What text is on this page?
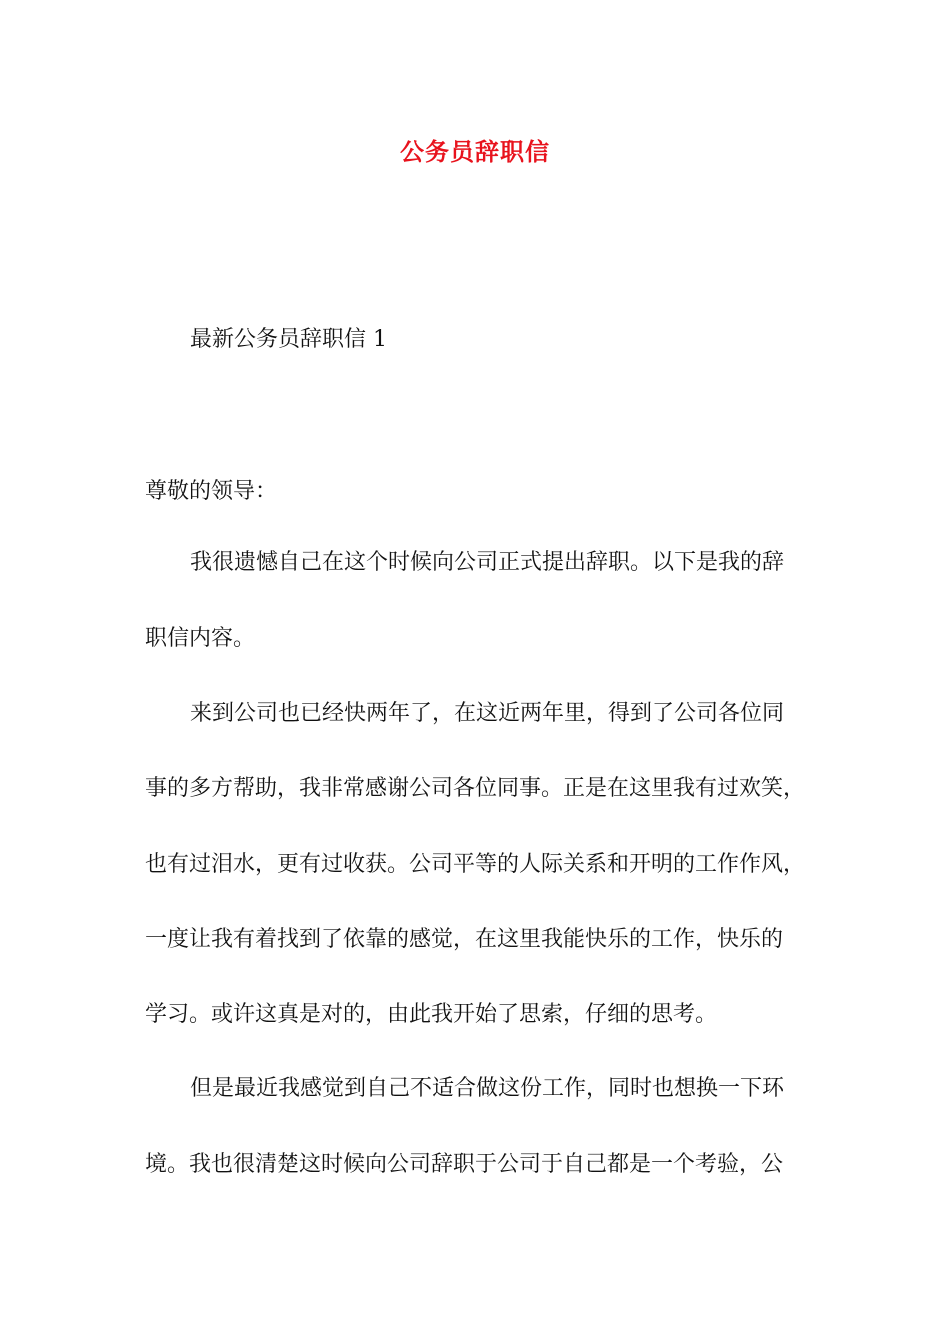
公务员辞职信
最新公务员辞职信 1
尊敬的领导：
我很遗憾自己在这个时候向公司正式提出辞职。以下是我的辞
职信内容。
来到公司也已经快两年了，在这近两年里，得到了公司各位同
事的多方帮助，我非常感谢公司各位同事。正是在这里我有过欢笑，
也有过泪水，更有过收获。公司平等的人际关系和开明的工作作风，
一度让我有着找到了依靠的感觉，在这里我能快乐的工作，快乐的
学习。或许这真是对的，由此我开始了思索，仔细的思考。
但是最近我感觉到自己不适合做这份工作，同时也想换一下环
境。我也很清楚这时候向公司辞职于公司于自己都是一个考验，公
